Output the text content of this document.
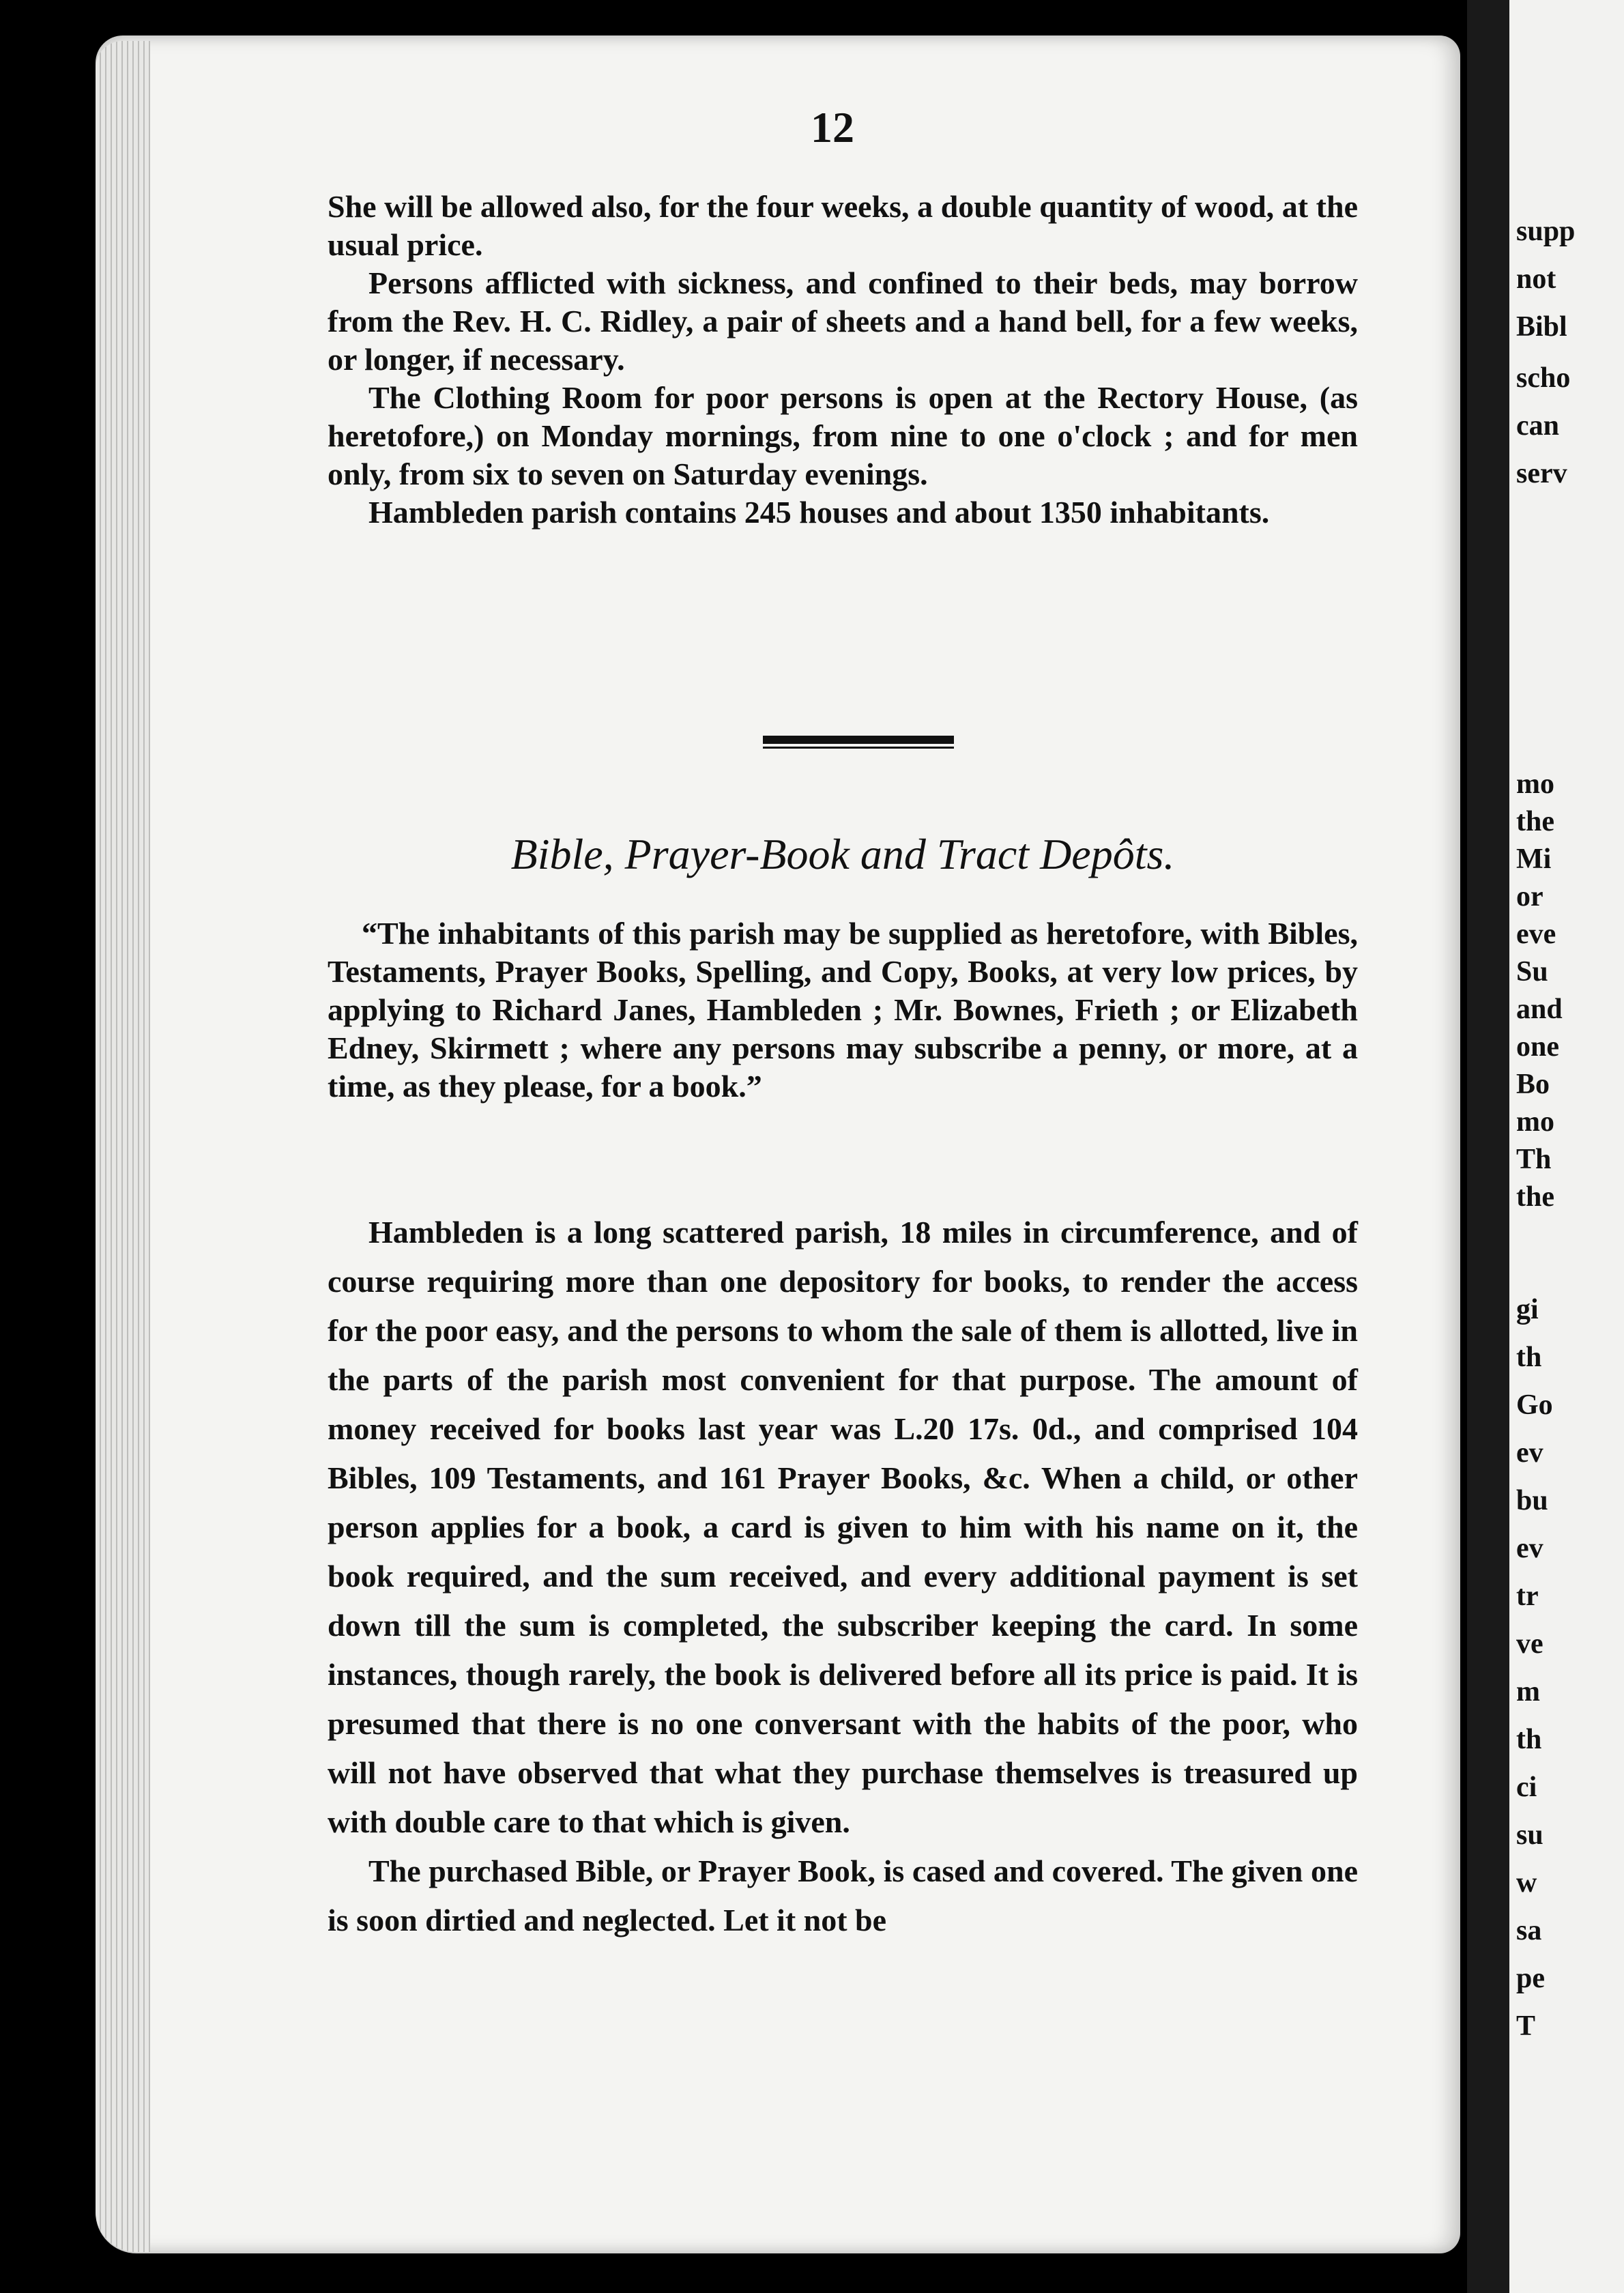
12

She will be allowed also, for the four weeks, a double quantity of wood, at the usual price.

Persons afflicted with sickness, and confined to their beds, may borrow from the Rev. H. C. Ridley, a pair of sheets and a hand bell, for a few weeks, or longer, if necessary.

The Clothing Room for poor persons is open at the Rectory House, (as heretofore,) on Monday mornings, from nine to one o'clock ; and for men only, from six to seven on Saturday evenings.

Hambleden parish contains 245 houses and about 1350 inhabitants.

Bible, Prayer-Book and Tract Depôts.

“The inhabitants of this parish may be supplied as heretofore, with Bibles, Testaments, Prayer Books, Spelling, and Copy, Books, at very low prices, by applying to Richard Janes, Hambleden ; Mr. Bownes, Frieth ; or Elizabeth Edney, Skirmett ; where any persons may subscribe a penny, or more, at a time, as they please, for a book.”

Hambleden is a long scattered parish, 18 miles in circumference, and of course requiring more than one depository for books, to render the access for the poor easy, and the persons to whom the sale of them is allotted, live in the parts of the parish most convenient for that purpose. The amount of money received for books last year was L.20 17s. 0d., and comprised 104 Bibles, 109 Testaments, and 161 Prayer Books, &c. When a child, or other person applies for a book, a card is given to him with his name on it, the book required, and the sum received, and every additional payment is set down till the sum is completed, the subscriber keeping the card. In some instances, though rarely, the book is delivered before all its price is paid. It is presumed that there is no one conversant with the habits of the poor, who will not have observed that what they purchase themselves is treasured up with double care to that which is given.

The purchased Bible, or Prayer Book, is cased and covered. The given one is soon dirtied and neglected. Let it not be

supp
not
Bibl
scho
can
serv
mo
the
Mi
or
eve
Su
and
one
Bo
mo
Th
the
gi
th
Go
ev
bu
ev
tr
ve
m
th
ci
su
w
sa
pe
T
